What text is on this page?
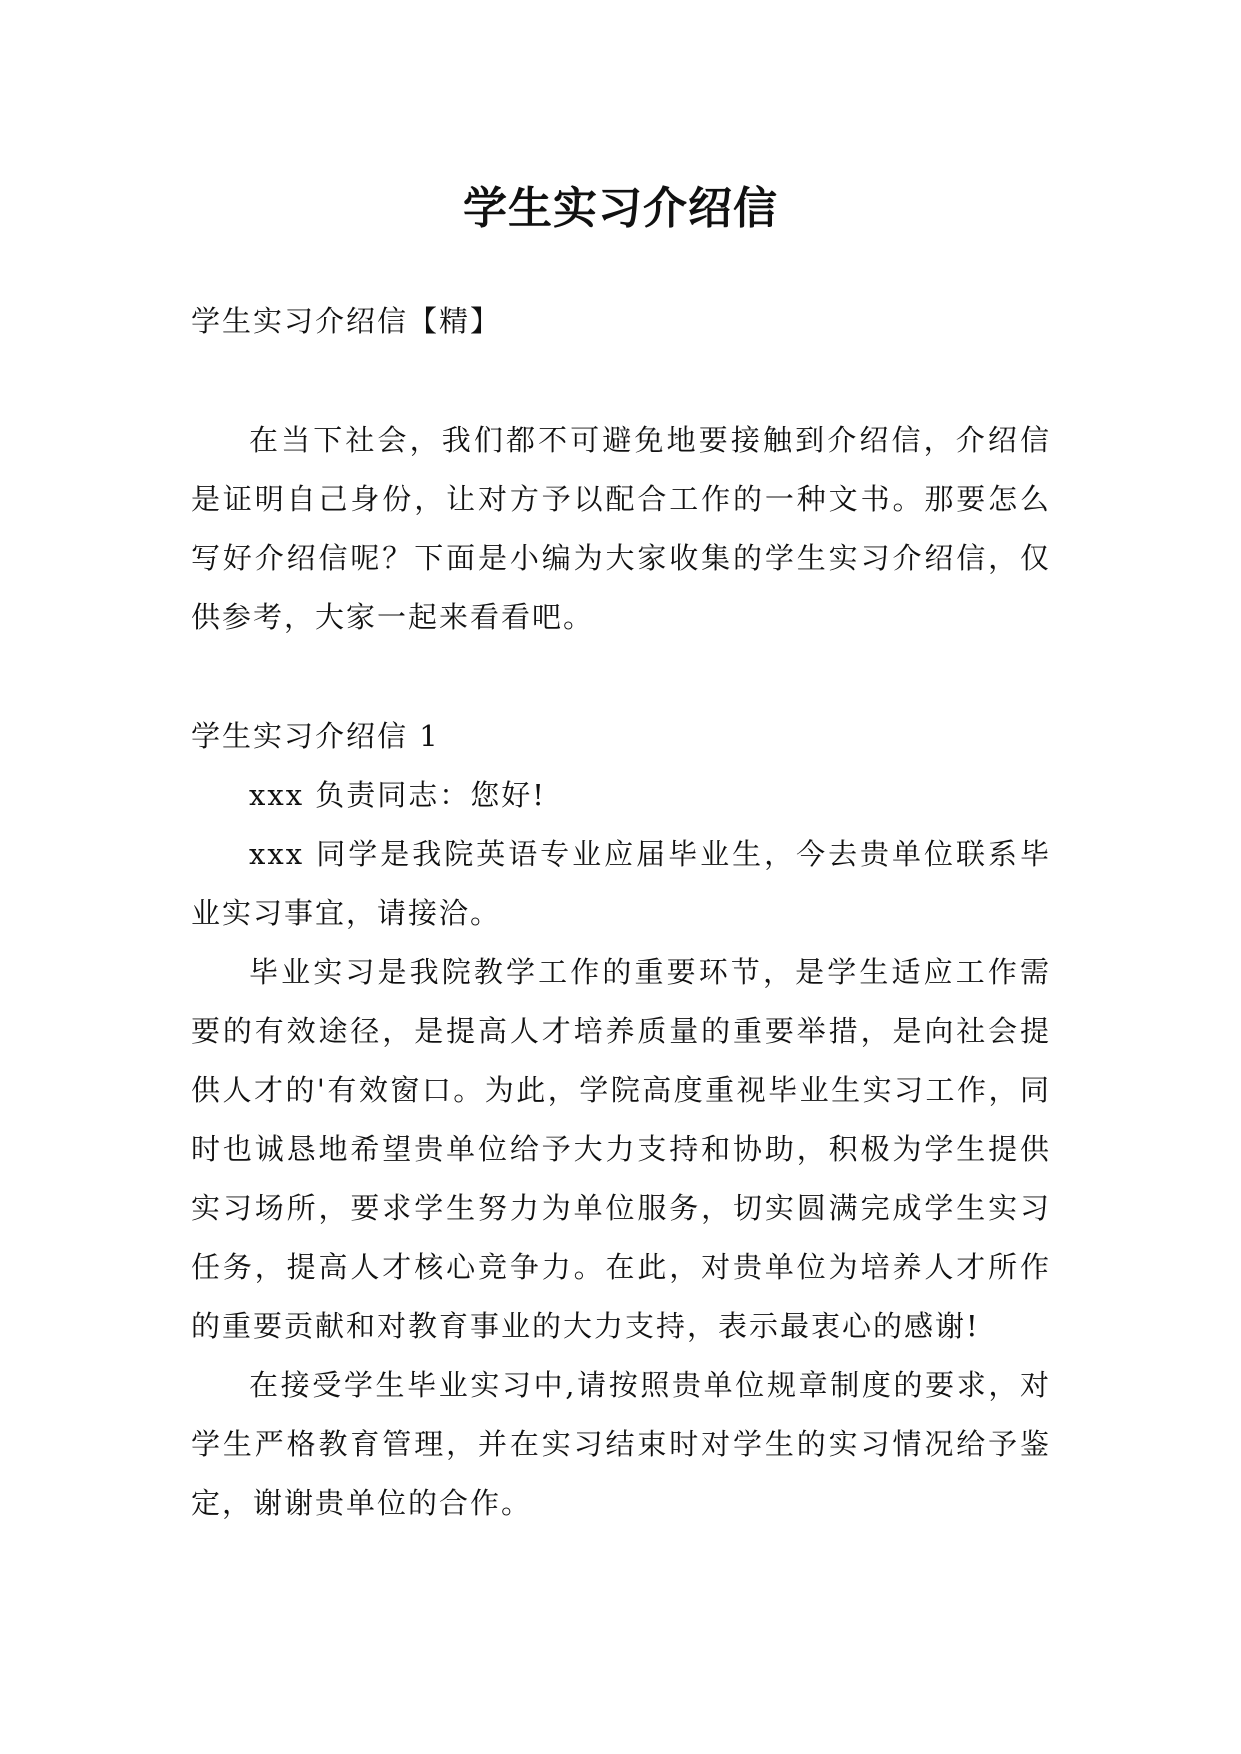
学生实习介绍信

学生实习介绍信【精】

在当下社会，我们都不可避免地要接触到介绍信，介绍信是证明自己身份，让对方予以配合工作的一种文书。那要怎么写好介绍信呢？下面是小编为大家收集的学生实习介绍信，仅供参考，大家一起来看看吧。

学生实习介绍信 1

xxx 负责同志：您好!

xxx 同学是我院英语专业应届毕业生，今去贵单位联系毕业实习事宜，请接洽。

毕业实习是我院教学工作的重要环节，是学生适应工作需要的有效途径，是提高人才培养质量的重要举措，是向社会提供人才的'有效窗口。为此，学院高度重视毕业生实习工作，同时也诚恳地希望贵单位给予大力支持和协助，积极为学生提供实习场所，要求学生努力为单位服务，切实圆满完成学生实习任务，提高人才核心竞争力。在此，对贵单位为培养人才所作的重要贡献和对教育事业的大力支持，表示最衷心的感谢!

在接受学生毕业实习中,请按照贵单位规章制度的要求，对学生严格教育管理，并在实习结束时对学生的实习情况给予鉴定，谢谢贵单位的合作。
